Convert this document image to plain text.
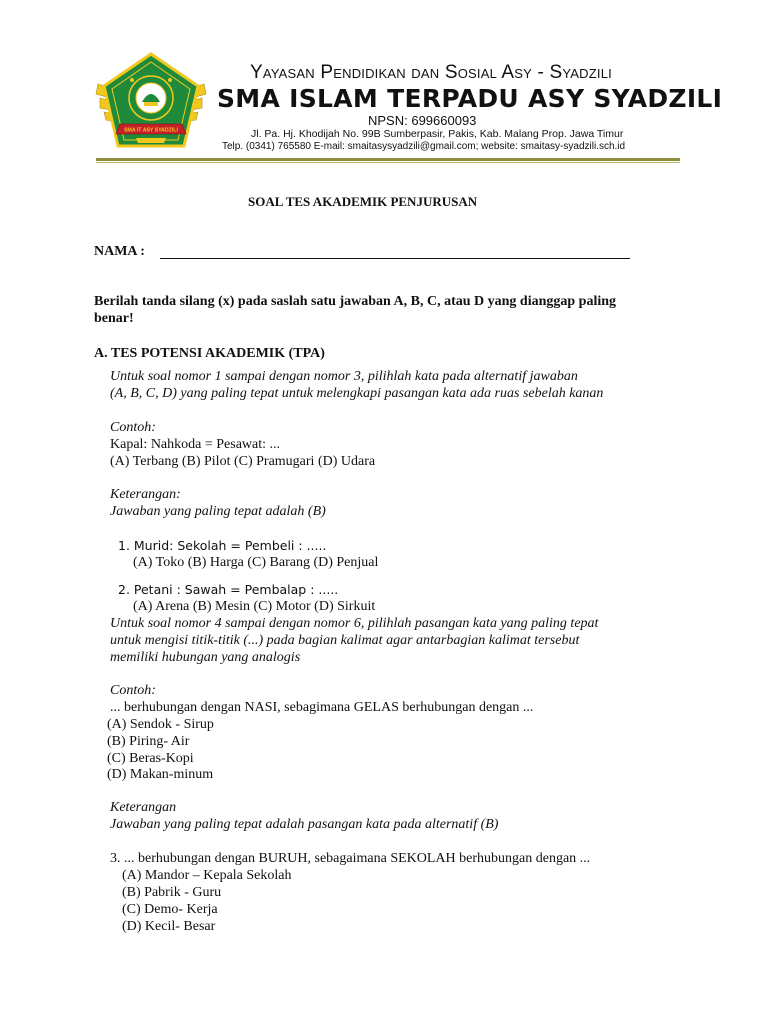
SMA IT ASY SYADZILI
Yayasan Pendidikan dan Sosial Asy - Syadzili
SMA ISLAM TERPADU ASY SYADZILI
NPSN: 699660093
Jl. Pa. Hj. Khodijah No. 99B Sumberpasir, Pakis, Kab. Malang Prop. Jawa Timur
Telp. (0341) 765580 E-mail: smaitasysyadzili@gmail.com; website: smaitasy-syadzili.sch.id
SOAL TES AKADEMIK PENJURUSAN
NAMA :
Berilah tanda silang (x) pada saslah satu jawaban A, B, C, atau D yang dianggap paling
benar!
A. TES POTENSI AKADEMIK (TPA)
Untuk soal nomor 1 sampai dengan nomor 3, pilihlah kata pada alternatif jawaban
(A, B, C, D) yang paling tepat untuk melengkapi pasangan kata ada ruas sebelah kanan
Contoh:
Kapal: Nahkoda = Pesawat: ...
(A) Terbang (B) Pilot (C) Pramugari (D) Udara
Keterangan:
Jawaban yang paling tepat adalah (B)
1. Murid: Sekolah = Pembeli : .....
(A) Toko (B) Harga (C) Barang (D) Penjual
2. Petani : Sawah = Pembalap : .....
(A) Arena (B) Mesin (C) Motor (D) Sirkuit
Untuk soal nomor 4 sampai dengan nomor 6, pilihlah pasangan kata yang paling tepat
untuk mengisi titik-titik (...) pada bagian kalimat agar antarbagian kalimat tersebut
memiliki hubungan yang analogis
Contoh:
... berhubungan dengan NASI, sebagimana GELAS berhubungan dengan ...
(A) Sendok - Sirup
(B) Piring- Air
(C) Beras-Kopi
(D) Makan-minum
Keterangan
Jawaban yang paling tepat adalah pasangan kata pada alternatif (B)
3. ... berhubungan dengan BURUH, sebagaimana SEKOLAH berhubungan dengan ...
(A) Mandor – Kepala Sekolah
(B) Pabrik - Guru
(C) Demo- Kerja
(D) Kecil- Besar
